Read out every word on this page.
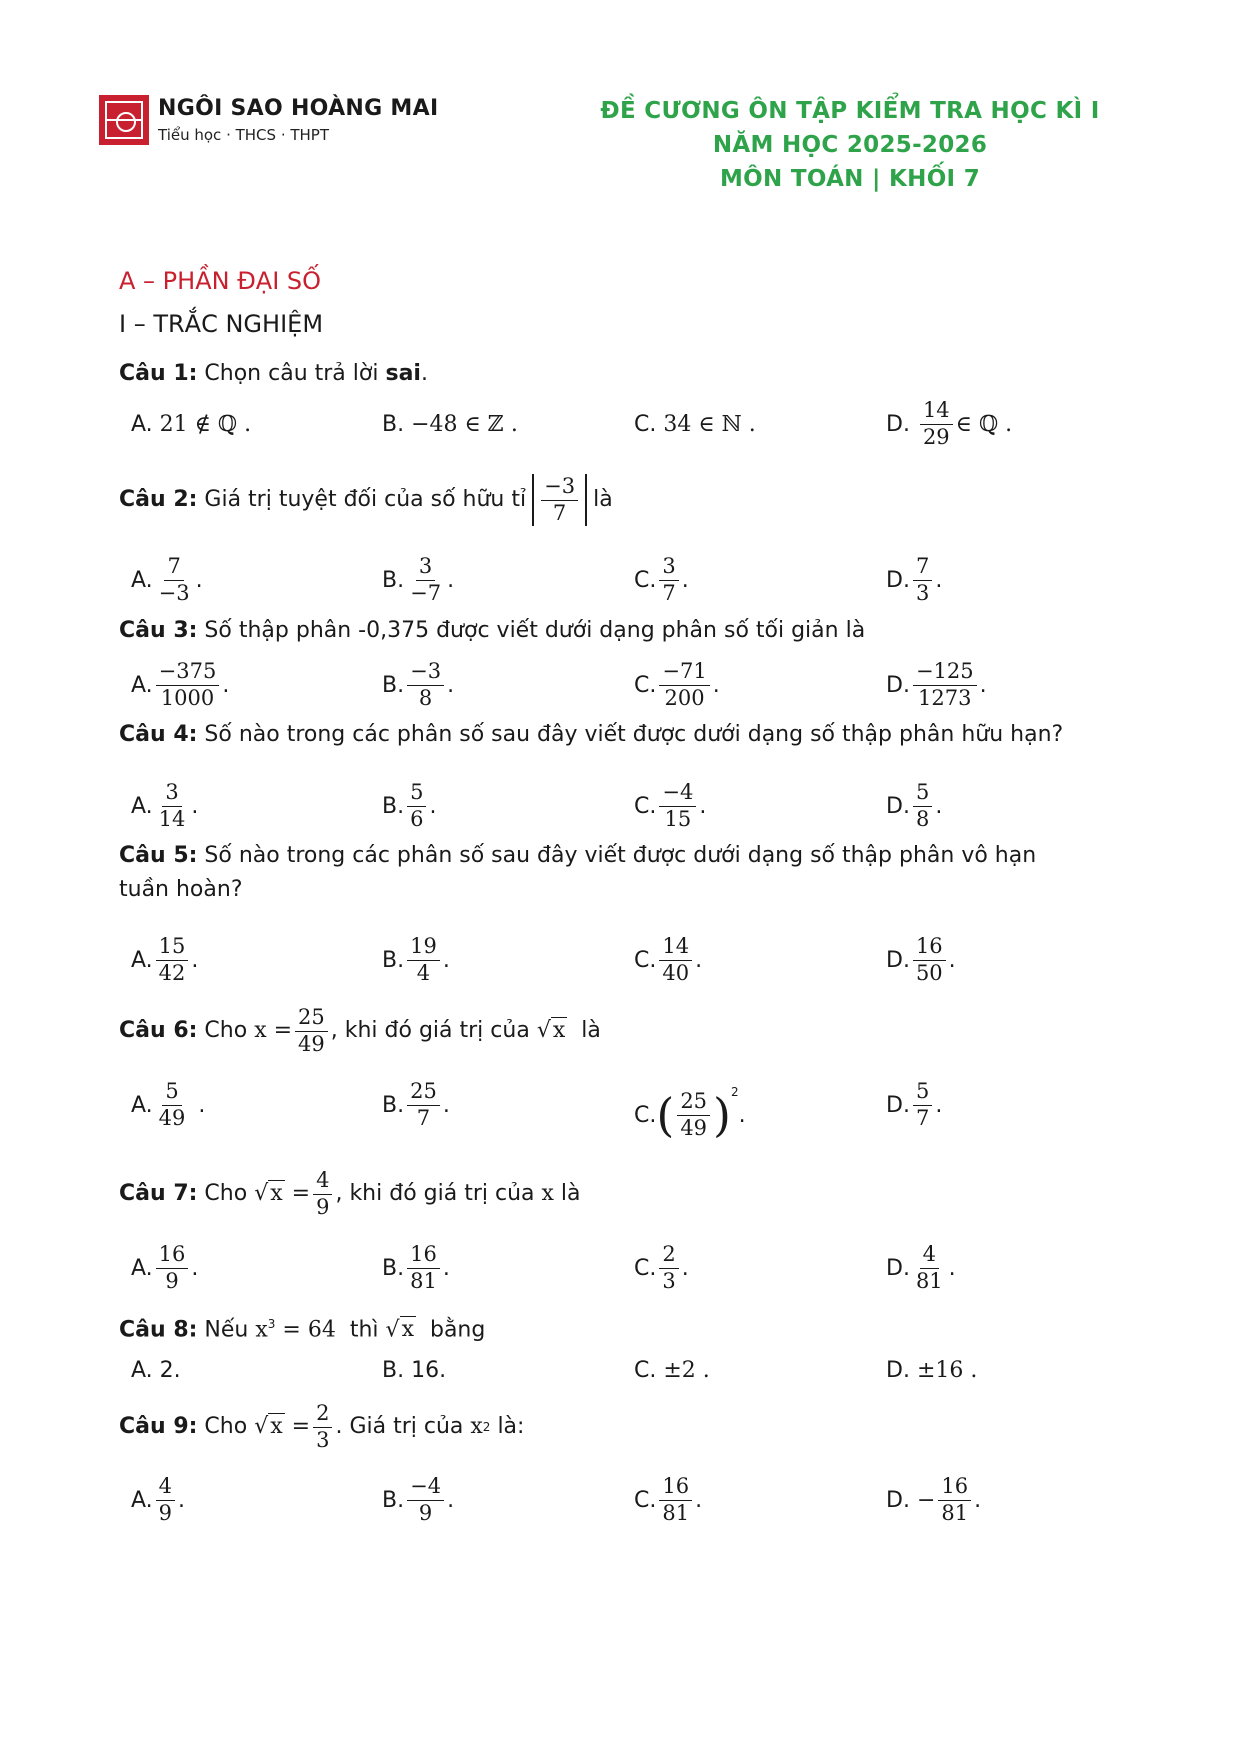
NGÔI SAO HOÀNG MAI
Tiểu học · THCS · THPT
ĐỀ CƯƠNG ÔN TẬP KIỂM TRA HỌC KÌ I
NĂM HỌC 2025-2026
MÔN TOÁN | KHỐI 7
A – PHẦN ĐẠI SỐ
I – TRẮC NGHIỆM
Câu 1: Chọn câu trả lời sai.
A.
21 ∉ ℚ .	B.
−48 ∈ ℤ .	C.
34 ∈ ℕ .	D.

14
29 ∈ ℚ .
Câu 2:
Giá trị tuyệt đối của số hữu tỉ
−3
7
là
A.
7
−3 .	B.
3
−7 .	C.
3
7 .	D.
7
3 .
Câu 3: Số thập phân -0,375 được viết dưới dạng phân số tối giản là
A.
−375
1000 .	B.
−3
8 .	C.
−71
200 .	D.
−125
1273 .
Câu 4: Số nào trong các phân số sau đây viết được dưới dạng số thập phân hữu hạn?
A.
3
14 .	B.
5
6 .	C.
−4
15 .	D.
5
8 .
Câu 5: Số nào trong các phân số sau đây viết được dưới dạng số thập phân vô hạn
tuần hoàn?
A.
15
42 .	B.
19
4 .	C.
14
40 .	D.
16
50 .
Câu 6:
Cho
$x = \frac{25}{49}$ , khi đó giá trị của
√x
là
A.
5
49 .	B.
25
7 .	C. ( 25
49 )$^2$
.	D.
5
7 .
Câu 7:
Cho
√x
= $\frac{4}{9}$ , khi đó giá trị của
x
là
A.
16
9 .	B.
16
81 .	C.
2
3 .	D.
4
81 .
Câu 8: Nếu $x^3 = 64$ thì √x bằng
A.
2.	B.
16.	C.
±2 .	D.
±16 .
Câu 9:
Cho
√x
= $\frac{2}{3}$ . Giá trị của
x 2
là:
A.
4
9 .	B.
−4
9 .	C.
16
81 .	D.
− $\frac{16}{81}$ .
